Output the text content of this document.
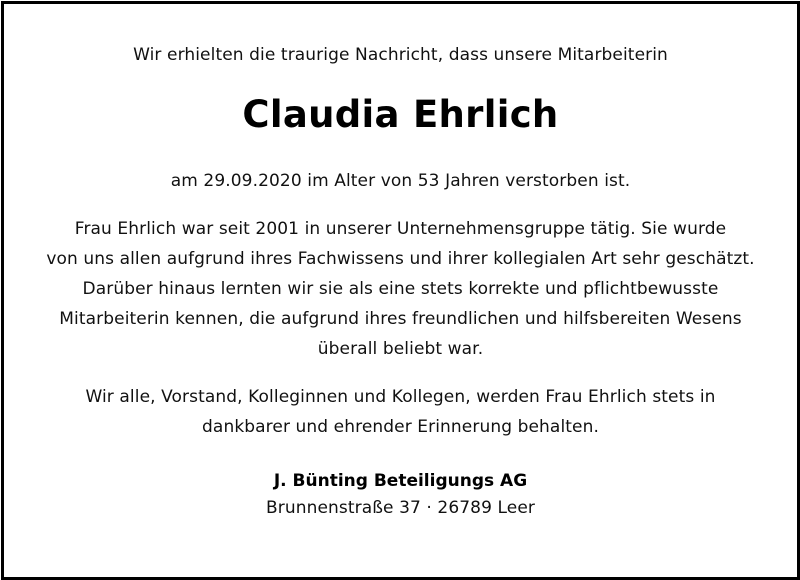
Wir erhielten die traurige Nachricht, dass unsere Mitarbeiterin
Claudia Ehrlich
am 29.09.2020 im Alter von 53 Jahren verstorben ist.
Frau Ehrlich war seit 2001 in unserer Unternehmensgruppe tätig. Sie wurde
von uns allen aufgrund ihres Fachwissens und ihrer kollegialen Art sehr geschätzt.
Darüber hinaus lernten wir sie als eine stets korrekte und pflichtbewusste
Mitarbeiterin kennen, die aufgrund ihres freundlichen und hilfsbereiten Wesens
überall beliebt war.
Wir alle, Vorstand, Kolleginnen und Kollegen, werden Frau Ehrlich stets in
dankbarer und ehrender Erinnerung behalten.
J. Bünting Beteiligungs AG
Brunnenstraße 37 · 26789 Leer
